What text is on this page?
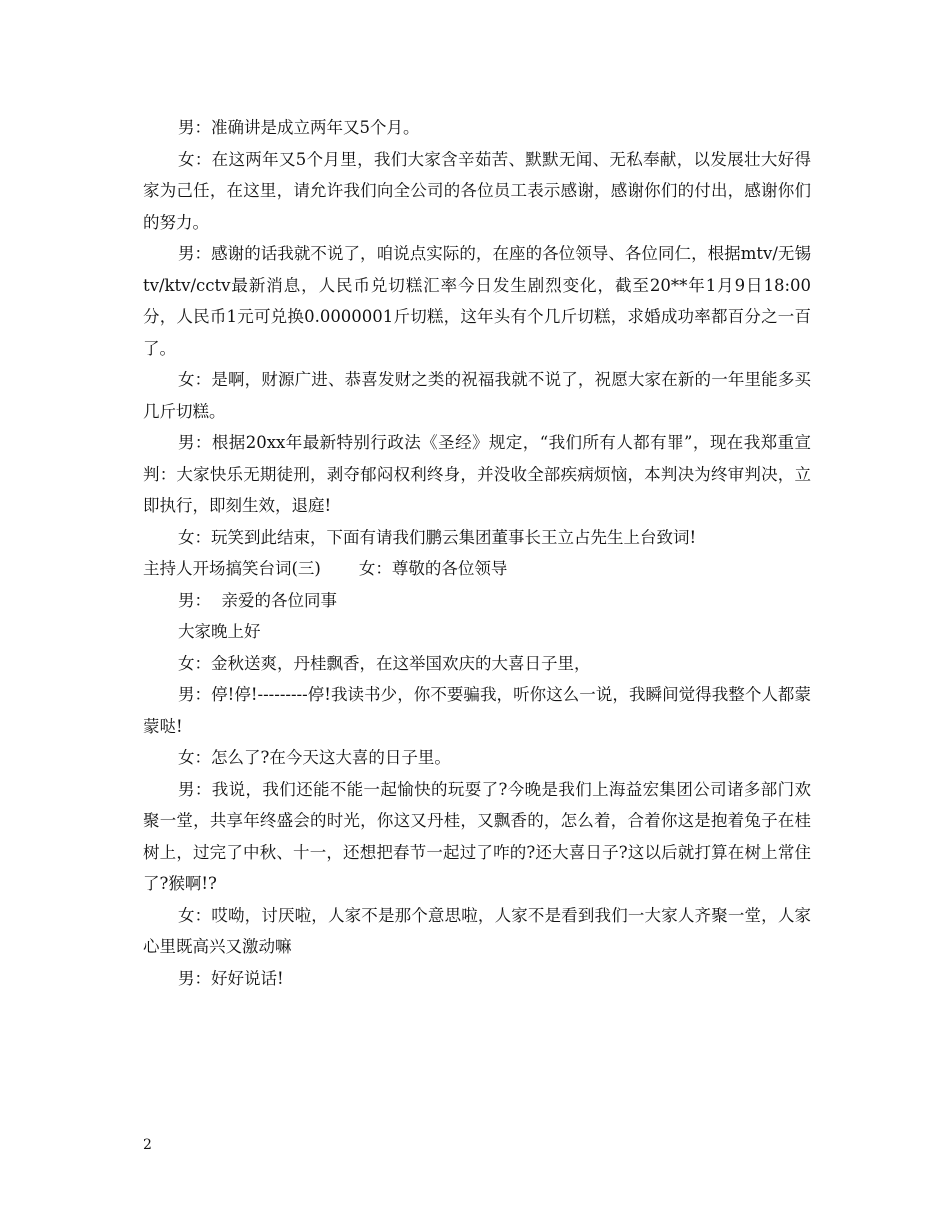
男：准确讲是成立两年又5个月。

女：在这两年又5个月里，我们大家含辛茹苦、默默无闻、无私奉献，以发展壮大好得家为己任，在这里，请允许我们向全公司的各位员工表示感谢，感谢你们的付出，感谢你们的努力。

男：感谢的话我就不说了，咱说点实际的，在座的各位领导、各位同仁，根据mtv/无锡tv/ktv/cctv最新消息，人民币兑切糕汇率今日发生剧烈变化，截至20**年1月9日18:00分，人民币1元可兑换0.0000001斤切糕，这年头有个几斤切糕，求婚成功率都百分之一百了。

女：是啊，财源广进、恭喜发财之类的祝福我就不说了，祝愿大家在新的一年里能多买几斤切糕。

男：根据20xx年最新特别行政法《圣经》规定，“我们所有人都有罪”，现在我郑重宣判：大家快乐无期徒刑，剥夺郁闷权利终身，并没收全部疾病烦恼，本判决为终审判决，立即执行，即刻生效，退庭!

女：玩笑到此结束，下面有请我们鹏云集团董事长王立占先生上台致词!

主持人开场搞笑台词(三) 女：尊敬的各位领导

男：  亲爱的各位同事

大家晚上好

女：金秋送爽，丹桂飘香，在这举国欢庆的大喜日子里，

男：停!停!---------停!我读书少，你不要骗我，听你这么一说，我瞬间觉得我整个人都蒙蒙哒!

女：怎么了?在今天这大喜的日子里。

男：我说，我们还能不能一起愉快的玩耍了?今晚是我们上海益宏集团公司诸多部门欢聚一堂，共享年终盛会的时光，你这又丹桂，又飘香的，怎么着，合着你这是抱着兔子在桂树上，过完了中秋、十一，还想把春节一起过了咋的?还大喜日子?这以后就打算在树上常住了?猴啊!?

女：哎呦，讨厌啦，人家不是那个意思啦，人家不是看到我们一大家人齐聚一堂，人家心里既高兴又激动嘛

男：好好说话!

2
